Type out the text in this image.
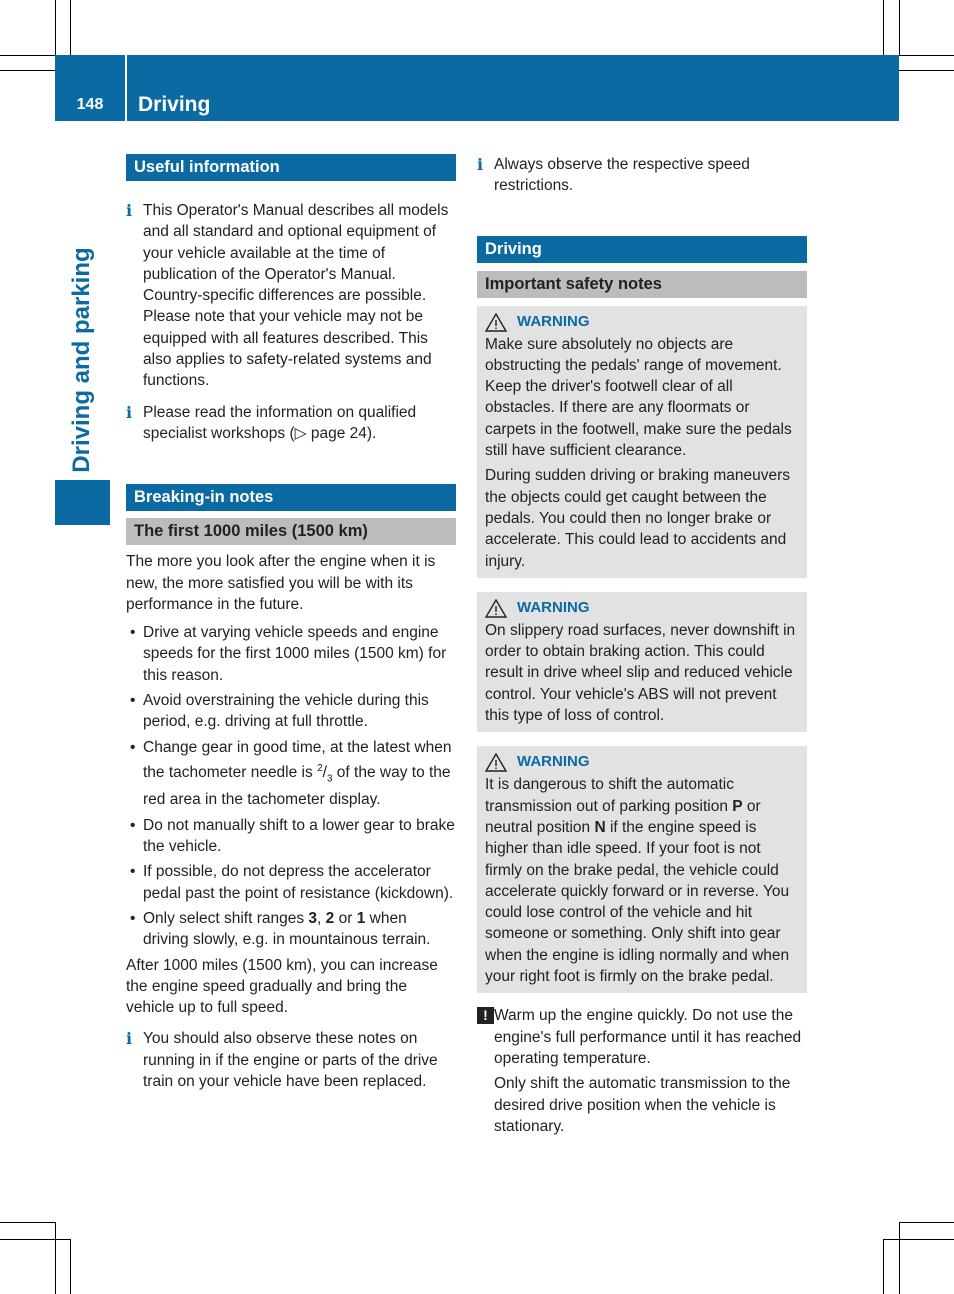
148	Driving
Driving and parking
Useful information
i This Operator's Manual describes all models and all standard and optional equipment of your vehicle available at the time of publication of the Operator's Manual. Country-specific differences are possible. Please note that your vehicle may not be equipped with all features described. This also applies to safety-related systems and functions.

i Please read the information on qualified specialist workshops (▷ page 24).

Breaking-in notes
The first 1000 miles (1500 km)

The more you look after the engine when it is new, the more satisfied you will be with its performance in the future.

• Drive at varying vehicle speeds and engine speeds for the first 1000 miles (1500 km) for this reason.
• Avoid overstraining the vehicle during this period, e.g. driving at full throttle.
• Change gear in good time, at the latest when the tachometer needle is $^2/_3$ of the way to the red area in the tachometer display.
• Do not manually shift to a lower gear to brake the vehicle.
• If possible, do not depress the accelerator pedal past the point of resistance (kickdown).
• Only select shift ranges 3, 2 or 1 when driving slowly, e.g. in mountainous terrain.

After 1000 miles (1500 km), you can increase the engine speed gradually and bring the vehicle up to full speed.

i You should also observe these notes on running in if the engine or parts of the drive train on your vehicle have been replaced.

i Always observe the respective speed restrictions.

Driving
Important safety notes
WARNING

Make sure absolutely no objects are obstructing the pedals' range of movement. Keep the driver's footwell clear of all obstacles. If there are any floormats or carpets in the footwell, make sure the pedals still have sufficient clearance.

During sudden driving or braking maneuvers the objects could get caught between the pedals. You could then no longer brake or accelerate. This could lead to accidents and injury.

WARNING

On slippery road surfaces, never downshift in order to obtain braking action. This could result in drive wheel slip and reduced vehicle control. Your vehicle's ABS will not prevent this type of loss of control.

WARNING

It is dangerous to shift the automatic transmission out of parking position P or neutral position N if the engine speed is higher than idle speed. If your foot is not firmly on the brake pedal, the vehicle could accelerate quickly forward or in reverse. You could lose control of the vehicle and hit someone or something. Only shift into gear when the engine is idling normally and when your right foot is firmly on the brake pedal.

! Warm up the engine quickly. Do not use the engine's full performance until it has reached operating temperature.

Only shift the automatic transmission to the desired drive position when the vehicle is stationary.
